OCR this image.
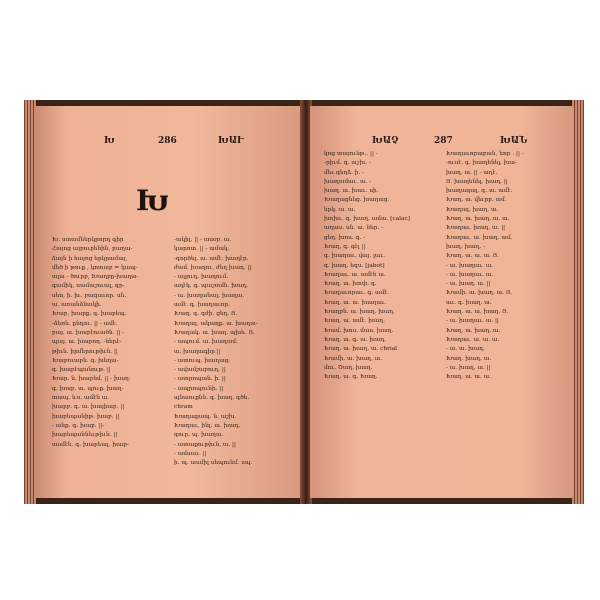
Խ	286	ԽԱՒ
Խ
Խ. ստամներկրորդ գիր
Հայոց այբուբենին, բաղա-
ձայն ի հայոց երկրամայ,
մեծ ի թուք , կոտաբ = կապ-
ալա - ծուրբ, Խաղբը-խաղա-
գամիկ, սամաշուալ, գր-
սեռ, ի. իւ. բազաւոր. սն.
ա. առանձնակի.
Խաբ, խաբք. գ. խաբեպ.
-ձեռն. ընդու. || - ամէ.
բայ. ա. խաբէուածն. || -
պայ. ա. խաբող. -ներէ-
թիւն. իրմերութիւն. ||
Խաբուաբն. գ. խեղա-
գ. խաբէպանութ. ||
Խար. ն. խաբեմ. || - խաղ-
գ. խաբ. ա. պուք. խաղ-
տապ. ևս. ամէն ա.
խաբբ. գ. ա. խայիաբ. ||
խաբեպանիթ. խաբ. ||
- անք. գ. խաբ. ||-
խաբեպաննեւթիւն. ||
ասմէն. գ. խաբեալ. խաբ-
-ակիլ. || - ասօբ. ա.
կարոտ. || - ամակ.
-գործել. ա. ամէ. խաղէր.
ժամ. խաղու, ժեղ խաղ. ||
- ալլուդ. խաղում.
աղէկ. գ. պաշտմն. խաղ.
- ա. խաղանալ. խաղա.
ամէ. գ. խաղաւոր.
Խաղ. գ. գժի. ցեղ. Յ.
Խաղալ. ակաղք. ա. խաղա-
Խաղակ. ա. խաղ. պխե. Յ.
- ապում. ա. խաղամ.
ա. խաղագիր ||
- ատուպ. խաղաց.
- ավամշաբուղ. ||
- ատրոպան. ի. ||
- ապրոպունի. ||
պնաուքնն. գ. խաղ. գծե.
chram
Խաղաքապ. ն. աշխ.
Խաղաւ, ինլ. ա. խաղ.
գուր. պ. խաղա.
- ատաքութիւն, ա. ||
- ամսաւ. ||
ի. պ. ասմիլ սեպունմ. սպ.
ԽԱՉ	287	ԽԱՆ
կոց տայունթ.. || -
-րիւմ. գ. աշխ. -
մեւ գեղձ. ի. -
խաղամաւ. ա. -
խաղ. ա. խաւ. սի.
Խաղացնեց. խաղաց.
երկ. ա. ա.
խոխւ. գ. խաղ. ամա. [calac]
աղաս. սն. ա. ներ. -
ցեղ. խոս. գ. -
Խաղ. գ. գէլ ||
գ. խաղաւ. վայ. լաւ.
գ. խաղ. եզս. [jabot]
Խաղաւ. ա. ամէն ա.
Խաղ. ա. խոփ. գ.
Խաղաւորաւ. գ. ամէ.
Խաղ. ա. ա. խաղաւ.
Խաղբն. ա. խաղ. խաղ.
Խաղ. ա. ամէ. խաղ.
Խամ. խոս. մաս. խաղ.
Խաղ. ա. գ. ա. խաղ.
Խաղ. ա. խաղ. ա. chrial
Խամի. ա. խաղ. ա.
մու. Ծաղ. խաղ.
Խաղ. ա. գ. Խաղ.
Խաղաւորաբան, նոր . || -
-ուսէ. գ. խաղենել. խա-
խաղ. ա. || - աղէ.
Յ. խաղենել. խաղ. ||
խաղագալ. գ. ա. ամէ.
Խաղ. ա. վեւրբ. ամ.
Խաղալ. խաղ. ա.
Խաղ. ա. խաղ. ա. ա.
Խաղաւ. խաղ. ա. ||
Խաղաւ. ա. խաղ. ամ.
խաղ. խաղ. -
Խաղ. ա. ա. ա. Յ.
- ա. խաղաւ. ա.
- ա. խաղաւ. ա.
- ա. խաղ. ա. ||
Խամի. ա. խաղ. ա. Յ.
աւ. գ. խաղ. ա.
Խաղ. ա. ա. խաղ. Յ.
- ա. խաղաւ. ա. ||
Խաղ. ա. խաղ. ա.
Խաղաւ. ա. ա. ա.
- ա. ա. խաղ.
Խաղ. խաղ. ա.
- ա. խաղ. ա. ||
Խաղ. ա. ա. ա.
